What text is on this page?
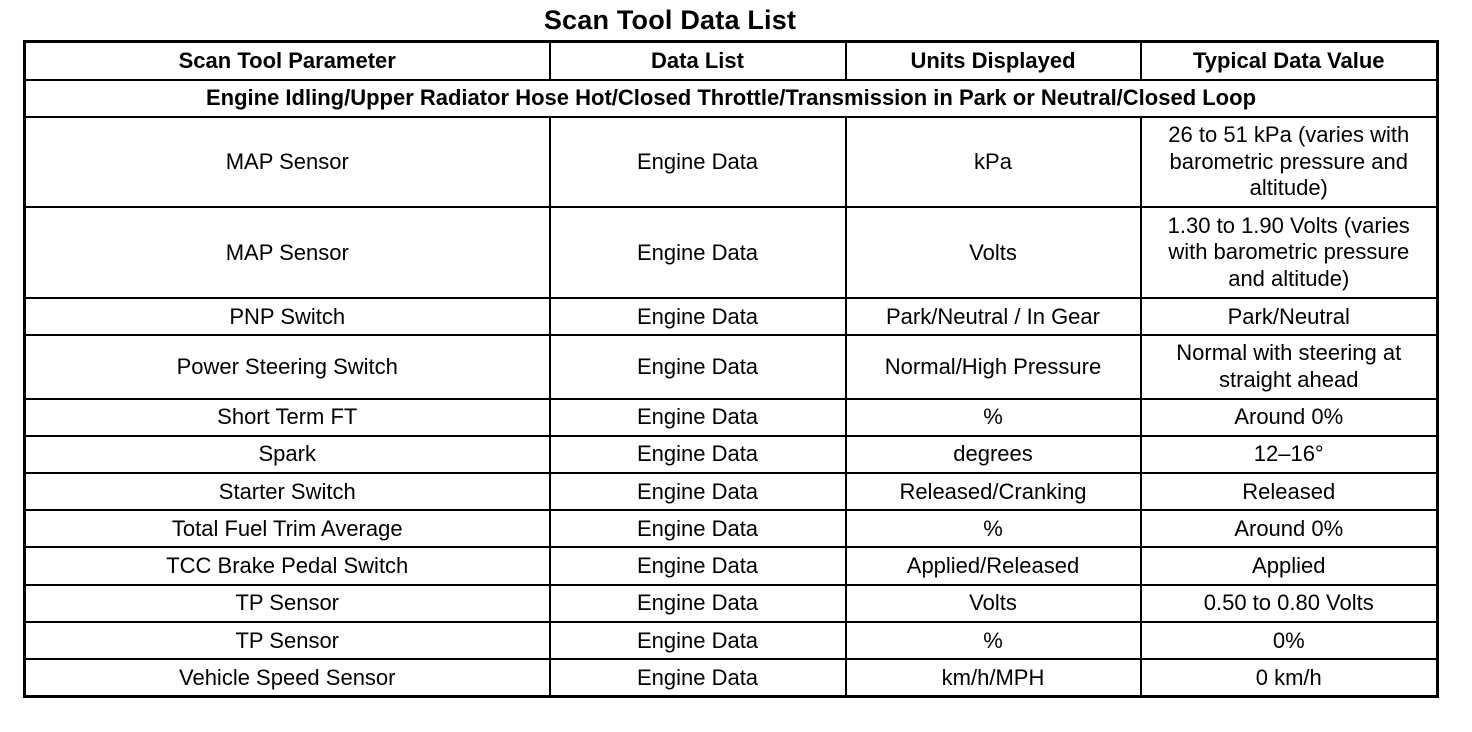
Scan Tool Data List
Scan Tool Parameter	Data List	Units Displayed	Typical Data Value
Engine Idling/Upper Radiator Hose Hot/Closed Throttle/Transmission in Park or Neutral/Closed Loop			
MAP Sensor	Engine Data	kPa	26 to 51 kPa (varies with barometric pressure and altitude)
MAP Sensor	Engine Data	Volts	1.30 to 1.90 Volts (varies with barometric pressure and altitude)
PNP Switch	Engine Data	Park/Neutral / In Gear	Park/Neutral
Power Steering Switch	Engine Data	Normal/High Pressure	Normal with steering at straight ahead
Short Term FT	Engine Data	%	Around 0%
Spark	Engine Data	degrees	12–16°
Starter Switch	Engine Data	Released/Cranking	Released
Total Fuel Trim Average	Engine Data	%	Around 0%
TCC Brake Pedal Switch	Engine Data	Applied/Released	Applied
TP Sensor	Engine Data	Volts	0.50 to 0.80 Volts
TP Sensor	Engine Data	%	0%
Vehicle Speed Sensor	Engine Data	km/h/MPH	0 km/h
